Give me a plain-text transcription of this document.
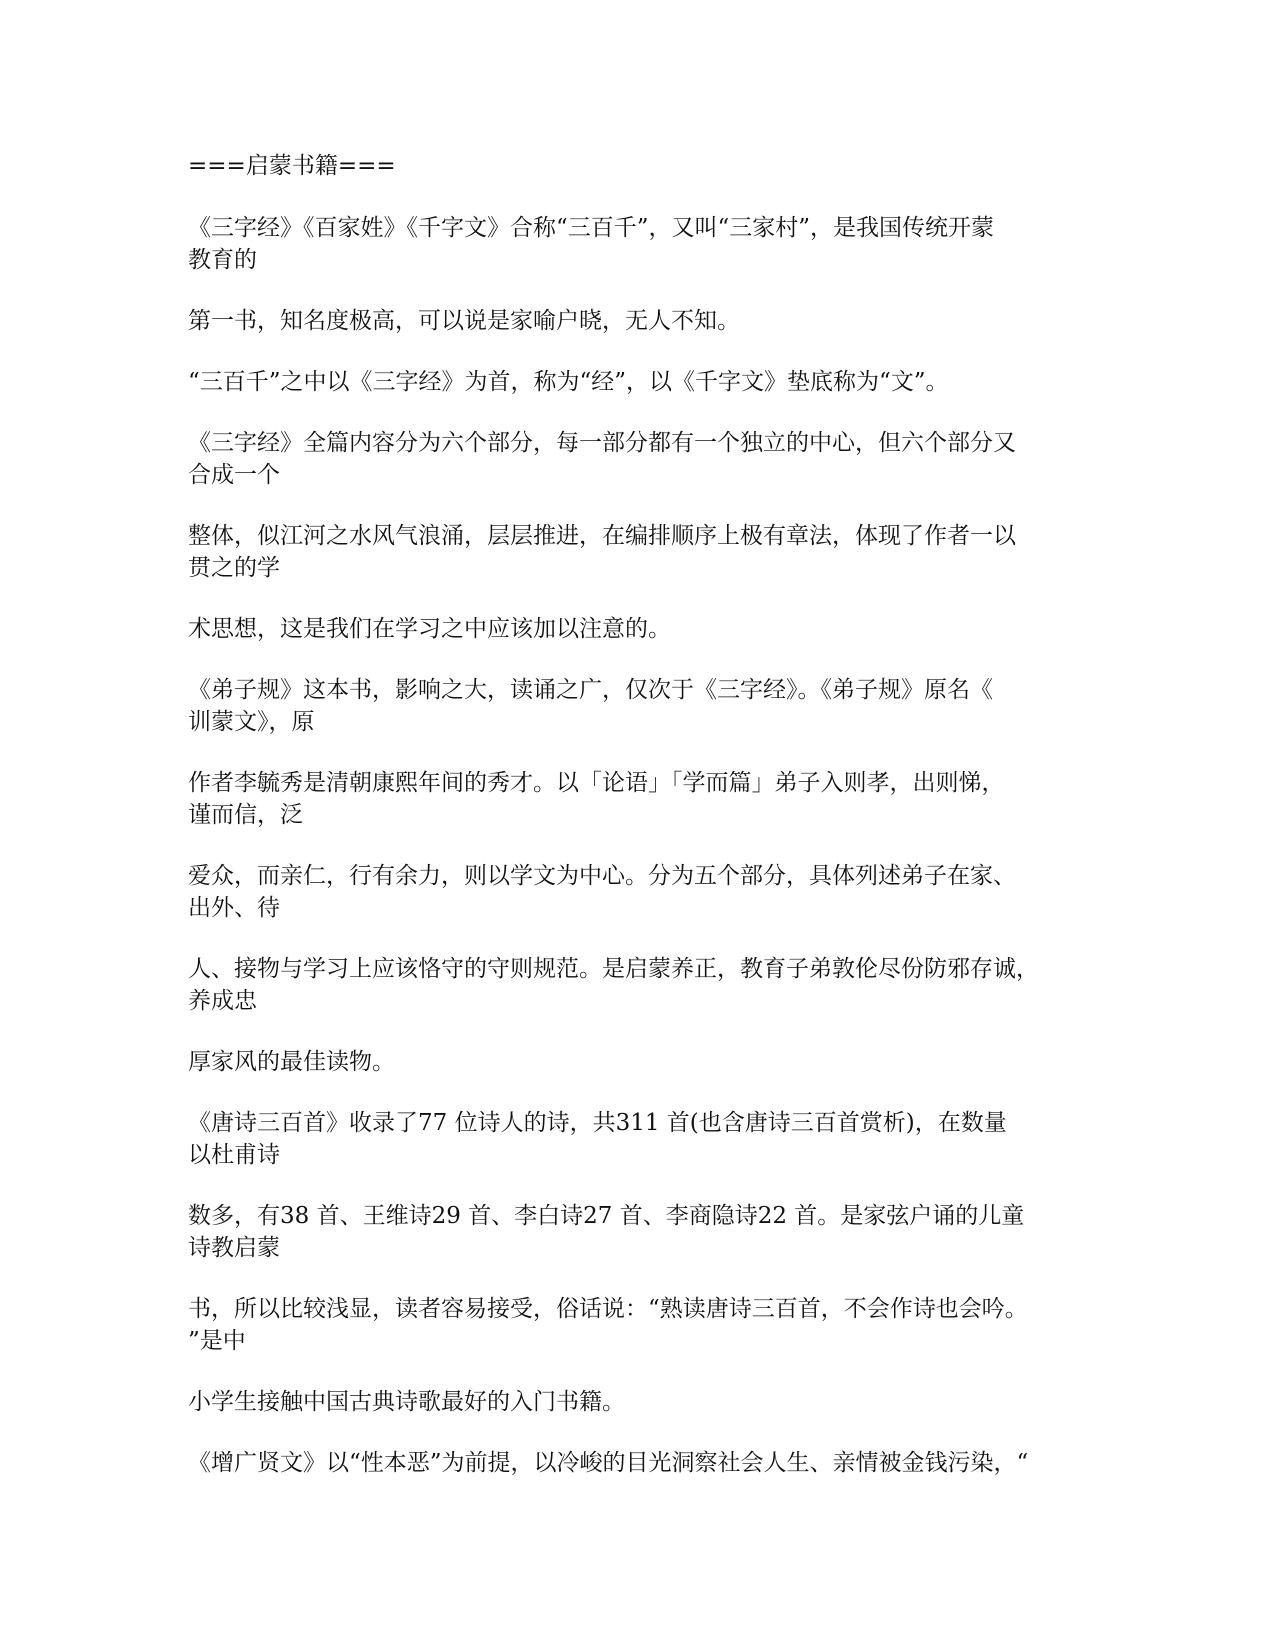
===启蒙书籍===

《三字经》《百家姓》《千字文》合称“三百千”，又叫“三家村”，是我国传统开蒙
教育的

第一书，知名度极高，可以说是家喻户晓，无人不知。

“三百千”之中以《三字经》为首，称为“经”，以《千字文》垫底称为“文”。

《三字经》全篇内容分为六个部分，每一部分都有一个独立的中心，但六个部分又
合成一个

整体，似江河之水风气浪涌，层层推进，在编排顺序上极有章法，体现了作者一以
贯之的学

术思想，这是我们在学习之中应该加以注意的。

《弟子规》这本书，影响之大，读诵之广，仅次于《三字经》。《弟子规》原名《
训蒙文》，原

作者李毓秀是清朝康熙年间的秀才。以「论语」「学而篇」弟子入则孝，出则悌，
谨而信，泛

爱众，而亲仁，行有余力，则以学文为中心。分为五个部分，具体列述弟子在家、
出外、待

人、接物与学习上应该恪守的守则规范。是启蒙养正，教育子弟敦伦尽份防邪存诚，
养成忠

厚家风的最佳读物。

《唐诗三百首》收录了77 位诗人的诗，共311 首(也含唐诗三百首赏析)，在数量
以杜甫诗

数多，有38 首、王维诗29 首、李白诗27 首、李商隐诗22 首。是家弦户诵的儿童
诗教启蒙

书，所以比较浅显，读者容易接受，俗话说：“熟读唐诗三百首，不会作诗也会吟。
”是中

小学生接触中国古典诗歌最好的入门书籍。

《增广贤文》以“性本恶”为前提，以冷峻的目光洞察社会人生、亲情被金钱污染，“
